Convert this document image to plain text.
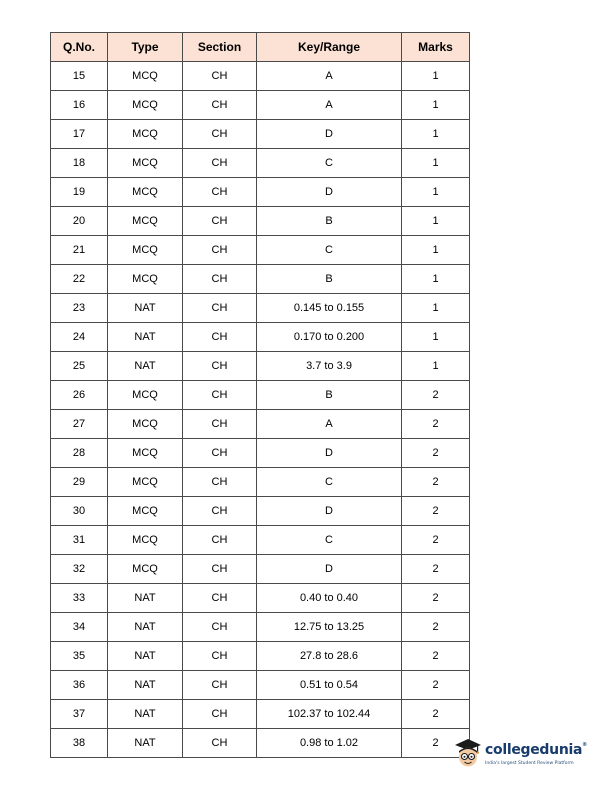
Q.No.	Type	Section	Key/Range	Marks
15	MCQ	CH	A	1
16	MCQ	CH	A	1
17	MCQ	CH	D	1
18	MCQ	CH	C	1
19	MCQ	CH	D	1
20	MCQ	CH	B	1
21	MCQ	CH	C	1
22	MCQ	CH	B	1
23	NAT	CH	0.145 to 0.155	1
24	NAT	CH	0.170 to 0.200	1
25	NAT	CH	3.7 to 3.9	1
26	MCQ	CH	B	2
27	MCQ	CH	A	2
28	MCQ	CH	D	2
29	MCQ	CH	C	2
30	MCQ	CH	D	2
31	MCQ	CH	C	2
32	MCQ	CH	D	2
33	NAT	CH	0.40 to 0.40	2
34	NAT	CH	12.75 to 13.25	2
35	NAT	CH	27.8 to 28.6	2
36	NAT	CH	0.51 to 0.54	2
37	NAT	CH	102.37 to 102.44	2
38	NAT	CH	0.98 to 1.02	2	collegedunia®
India's largest Student Review Platform
